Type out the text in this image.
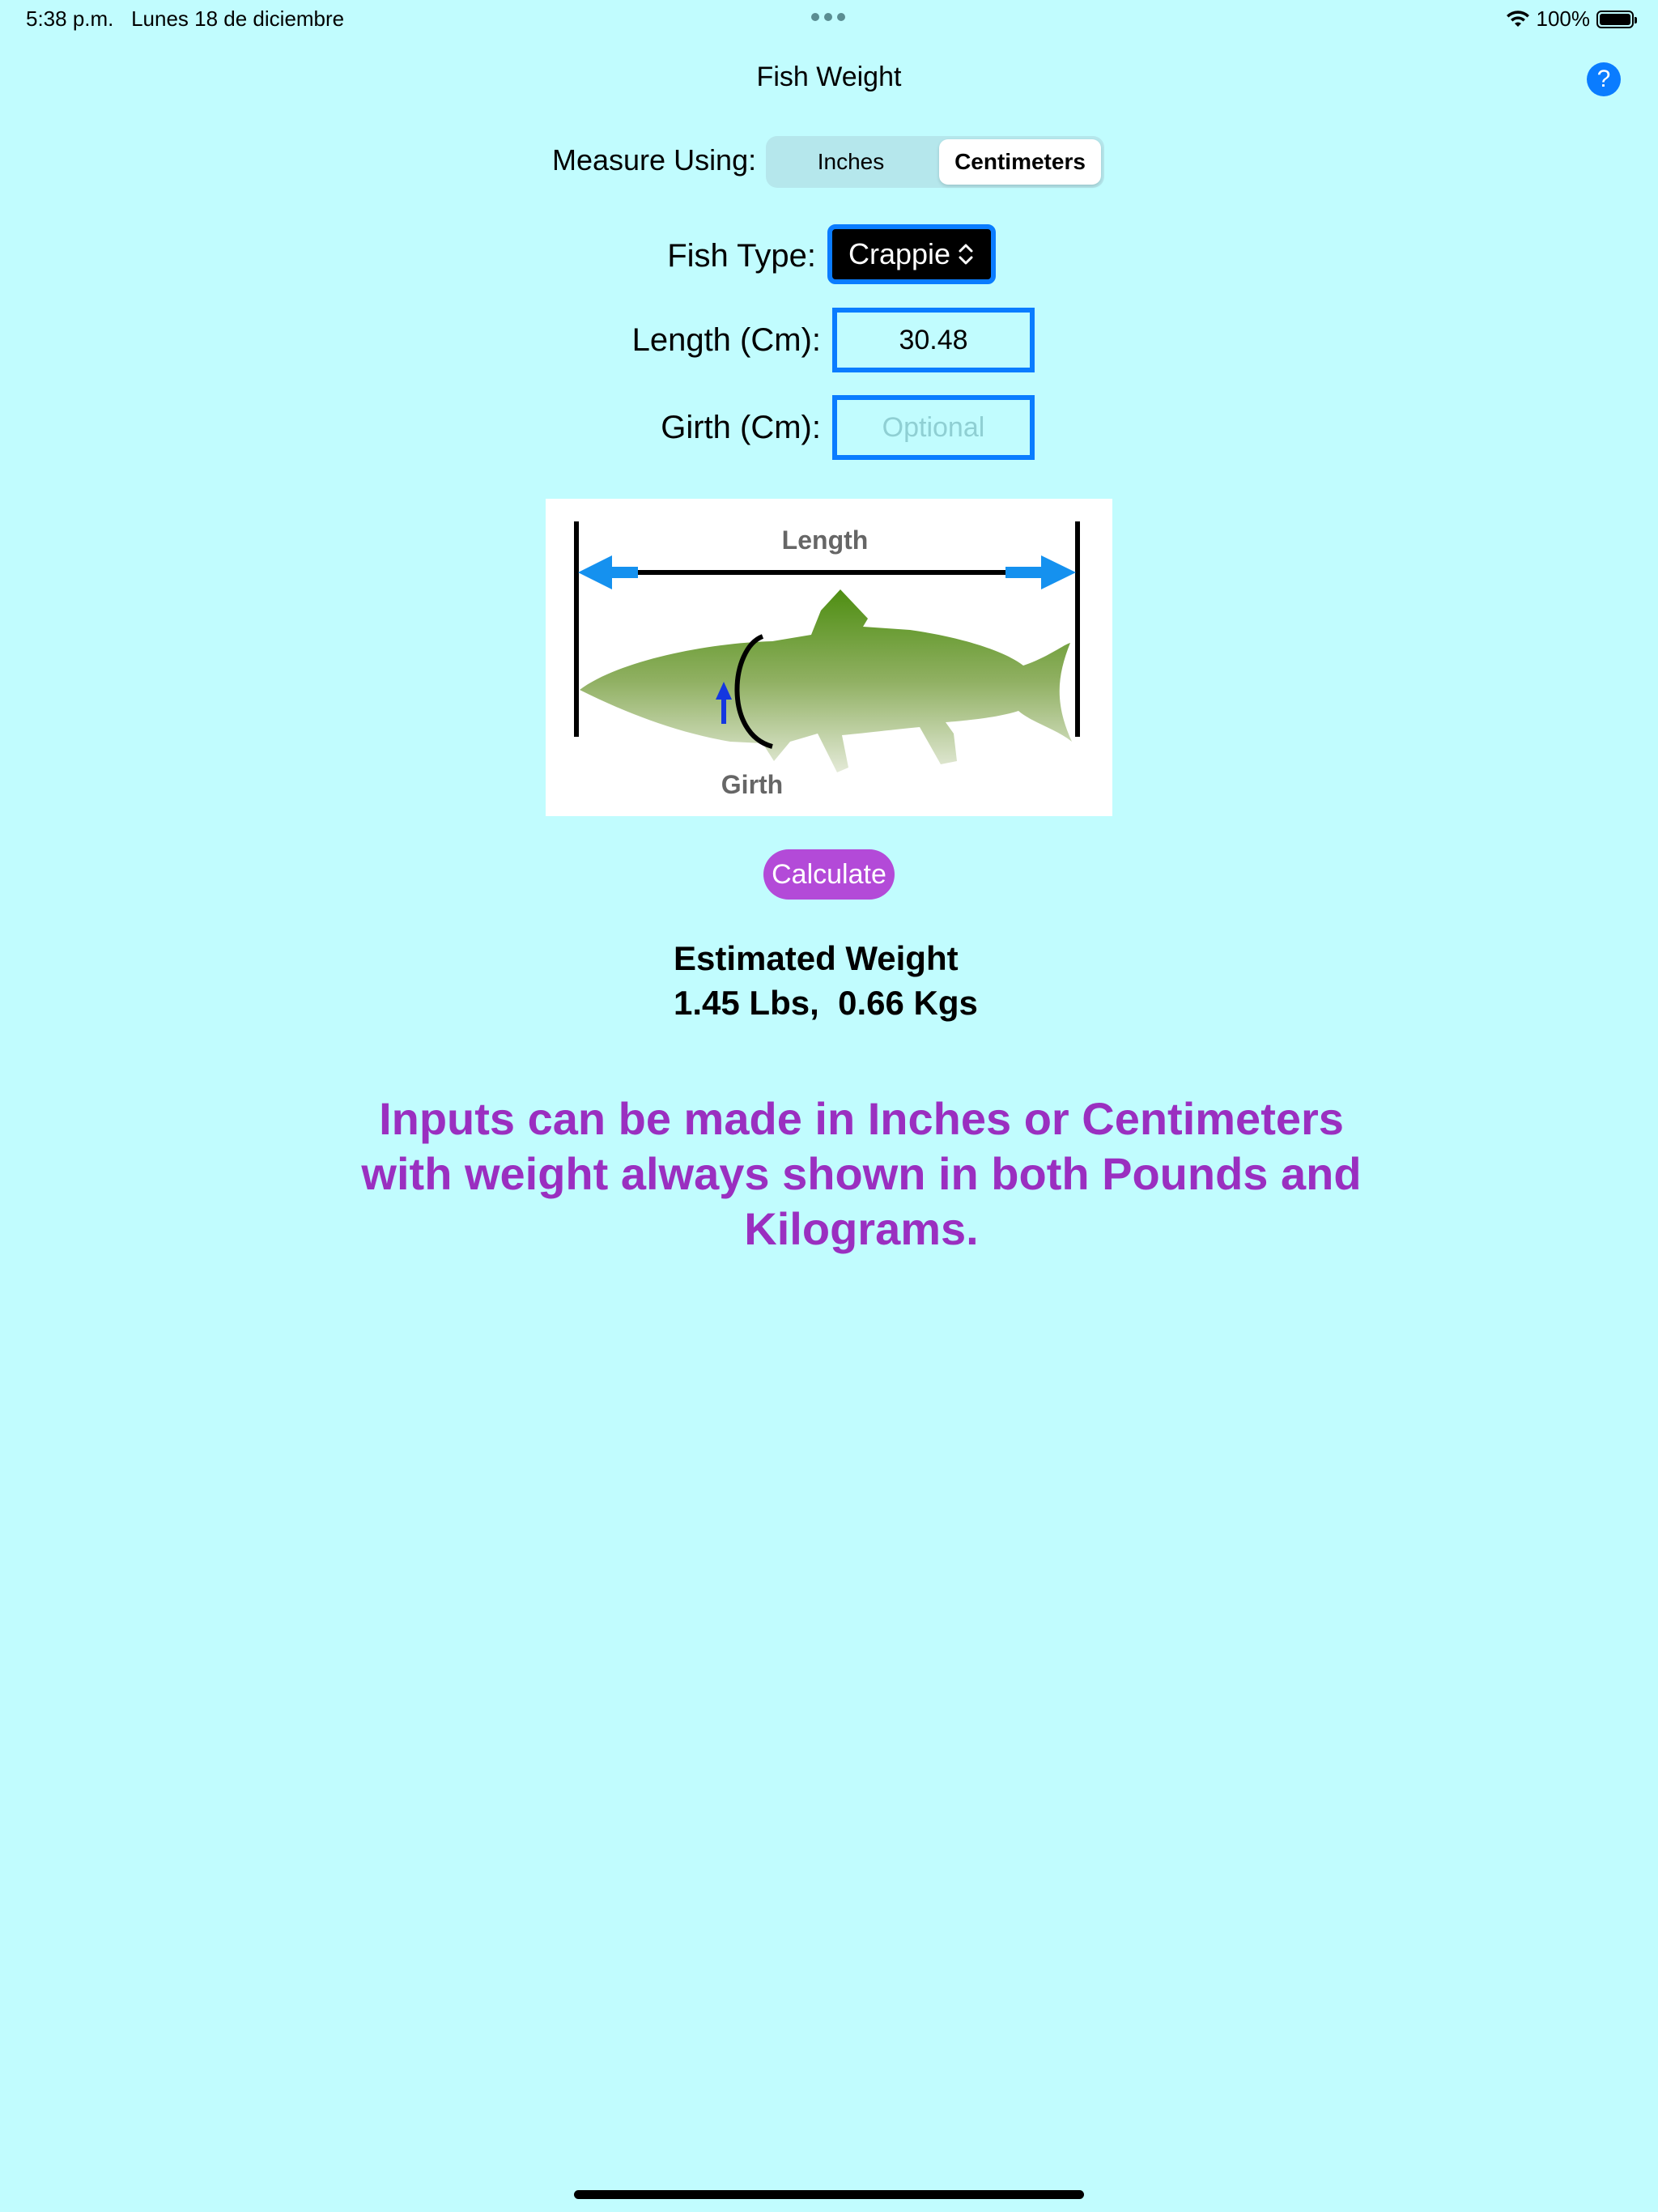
5:38 p.m. Lunes 18 de diciembre	100%
Fish Weight	?
Measure Using:	Inches	Centimeters
Fish Type: Crappie
Length (Cm):
30.48
Girth (Cm):
Optional
Length
Girth
Calculate
Estimated Weight
1.45 Lbs,  0.66 Kgs
Inputs can be made in Inches or Centimeters with weight always shown in both Pounds and Kilograms.
